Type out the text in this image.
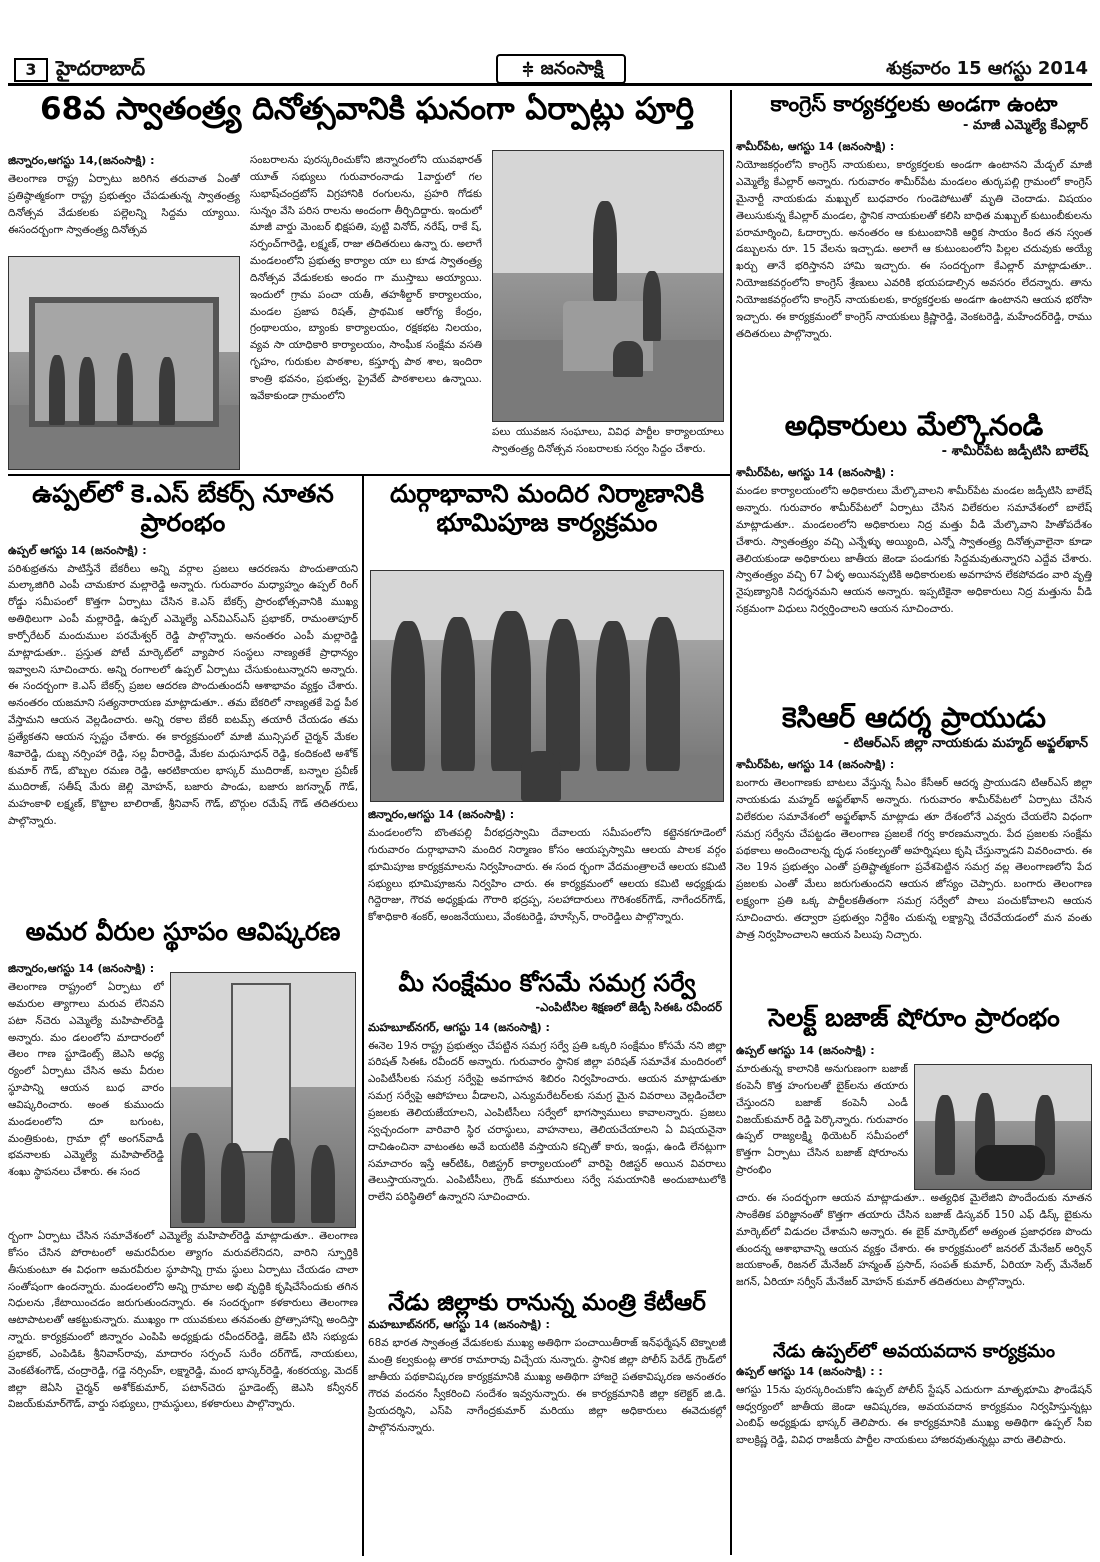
3 హైదరాబాద్	జనంసాక్షి	శుక్రవారం 15 ఆగస్టు 2014
68వ స్వాతంత్ర్య దినోత్సవానికి ఘనంగా ఏర్పాట్లు పూర్తి
జిన్నారం,ఆగస్టు 14,(జనంసాక్షి) :
తెలంగాణ రాష్ట్ర ఏర్పాటు జరిగిన తరువాత ఏంతో ప్రతిష్ఠాత్మకంగా రాష్ట్ర ప్రభుత్వం చేపడుతున్న స్వాతంత్ర్య దినోత్సవ వేడుకలకు పల్లెలన్ని సిద్దమ య్యాయి. ఈసందర్బంగా స్వాతంత్ర్య దినోత్సవ
సంబరాలను పురస్కరించుకోని జిన్నారంలోని యువభారత్ యూత్ సభ్యులు గురువారంనాడు 1వార్డులో గల సుభాష్‌చంద్రబోస్ విగ్రహానికి రంగులను, ప్రహరి గోడకు సున్నం వేసి పరిస రాలను అందంగా తీర్చిదిద్దారు. ఇందులో మాజీ వార్డు మెంబర్ భిక్షపతి, పుట్టి వినోద్, నరేష్, రాకే ష్, సర్పంచ్‌గారెడ్డి, లక్ష్మణ్, రాజు తదితరులు ఉన్నా రు. అలాగే మండలంలోని ప్రభుత్వ కార్యాల యా లు కూడ స్వాతంత్ర్య దినోత్సవ వేడుకలకు అందం గా ముస్తాబు అయ్యాయి. ఇందులో గ్రామ పంచా యతీ, తహశీల్దార్ కార్యాలయం, మండల ప్రజాప రిషత్, ప్రాథమిక ఆరోగ్య కేంద్రం, గ్రంథాలయం, బ్యాంకు కార్యాలయం, రక్షకభట నిలయం, వ్యవ సా యాధికారి కార్యాలయం, సాంఘీక సంక్షేమ వసతి గృహం, గురుకుల పాఠశాల, కస్తూర్బ పాఠ శాల, ఇందిరా కాంత్రి భవనం, ప్రభుత్వ, ప్రైవేట్ పాఠశాలలు ఉన్నాయి. ఇవేకాకుండా గ్రామంలోని
పలు యువజన సంఘాలు, వివిధ పార్టీల కార్యాలయాలు స్వాతంత్ర్య దినోత్సవ సంబరాలకు సర్వం సిద్దం చేశారు.
కాంగ్రెస్ కార్యకర్తలకు అండగా ఉంటా
- మాజీ ఎమ్మెల్యే కేఎల్లార్
శామీర్‌పేట, ఆగస్టు 14 (జనంసాక్షి) :
నియోజకర్గంలోని కాంగ్రెస్ నాయకులు, కార్యకర్తలకు అండగా ఉంటానని మేడ్చల్ మాజీ ఎమ్మెల్యే కేఎల్లార్ అన్నారు. గురువారం శామీర్‌పేట మండలం తుర్కపల్లి గ్రామంలో కాంగ్రెస్ మైనార్టీ నాయకుడు మఖ్బుల్ బుధవారం గుండెపోటుతో మృతి చెందాడు. విషయం తెలుసుకున్న కేఎల్లార్ మండల, స్థానిక నాయకులతో కలిసి బాధిత మఖ్బుల్ కుటుంబీకులను పరామార్శించి, ఓదార్చారు. అనంతరం ఆ కుటుంబానికి ఆర్థిక సాయం కింద తన స్వంత డబ్బులను రూ. 15 వేలను ఇచ్చాడు. అలాగే ఆ కుటుంబంలోని పిల్లల చదువుకు అయ్యే ఖర్చు తానే భరిస్తానని హామి ఇచ్చారు. ఈ సందర్బంగా కేఎల్లార్ మాట్లాడుతూ.. నియోజకవర్గంలోని కాంగ్రెస్ శ్రేణులు ఎవరికి భయపడాల్సిన అవసరం లేదన్నారు. తాను నియోజకవర్గంలోని కాంగ్రెస్ నాయకులకు, కార్యకర్తలకు అండగా ఉంటానని ఆయన భరోసా ఇచ్చారు. ఈ కార్యక్రమంలో కాంగ్రెస్ నాయకులు క్రిష్ణారెడ్డి, వెంకటరెడ్డి, మహేందర్‌రెడ్డి, రాము తదితరులు పాల్గొన్నారు.
అధికారులు మేల్కొనండి
- శామీర్‌పేట జడ్పీటిసి బాలేష్
శామీర్‌పేట, ఆగస్టు 14 (జనంసాక్షి) :
మండల కార్యాలయంలోని అధికారులు మేల్కొవాలని శామీర్‌పేట మండల జడ్పీటిసి బాలేష్ అన్నారు. గురువారం శామీర్‌పేటలో ఏర్పాటు చేసిన విలేకరుల సమావేశంలో బాలేష్ మాట్లాడుతూ.. మండలంలోని అధికారులు నిద్ర మత్తు వీడి మేల్కొవాని హితోపదేశం చేశారు. స్వాతంత్ర్యం వచ్చి ఎన్నేళ్ళు అయ్యింది, ఎన్నో స్వాతంత్ర్య దినోత్సవాలైనా కూడా తెలియకుండా అధికారులు జాతీయ జెండా పండుగకు సిద్దమవుతున్నారని ఎద్దేవ చేశారు. స్వాతంత్ర్యం వచ్చి 67 ఏళ్ళ అయినప్పటికి అధికారులకు అవగాహన లేకపోవడం వారి వృత్తి నైపుణ్యానికి నిదర్శనమని ఆయన అన్నారు. ఇప్పటికైనా అధికారులు నిద్ర మత్తును వీడి సక్రమంగా విధులు నిర్వర్తించాలని ఆయన సూచించారు.
కెసిఆర్ ఆదర్శ ప్రాయుడు
- టిఆర్ఎస్ జిల్లా నాయకుడు మహ్మద్ అఫ్జల్‌ఖాన్
శామీర్‌పేట, ఆగస్టు 14 (జనంసాక్షి) :
బంగారు తెలంగాణకు బాటలు వేస్తున్న సీఎం కేసీఆర్ ఆదర్శ ప్రాయుడని టిఆర్ఎస్ జిల్లా నాయకుడు మహ్మద్ అఫ్జల్‌ఖాన్ అన్నారు. గురువారం శామీర్‌పేటలో ఏర్పాటు చేసిన విలేకరుల సమావేశంలో అఫ్జల్‌ఖాన్ మాట్లాడు తూ దేశంలోనే ఎవ్వరు చేయలేని విధంగా సమగ్ర సర్వేను చేపట్టడం తెలంగాణ ప్రజలకే గర్వ కారణమన్నారు. పేద ప్రజలకు సంక్షేమ పథకాలు అందించాలన్న దృఢ సంకల్పంతో అహర్నిషలు కృషి చేస్తున్నాడని వివరించారు. ఈ నెల 19న ప్రభుత్వం ఎంతో ప్రతిష్టాత్మకంగా ప్రవేశపెట్టిన సమగ్ర వల్ల తెలంగాణలోని పేద ప్రజలకు ఎంతో మేలు జరుగుతుందని ఆయన జోస్యం చెప్పారు. బంగారు తెలంగాణ లక్ష్యంగా ప్రతి ఒక్క పార్టీలకతీతంగా సమగ్ర సర్వేలో పాలు పంచుకోవాలని ఆయన సూచించారు. తద్వారా ప్రభుత్వం నిర్దేశిం చుకున్న లక్ష్యాన్ని చేరవేయడంలో మన వంతు పాత్ర నిర్వహించాలని ఆయన పిలుపు నిచ్చారు.
సెలక్ట్ బజాజ్ షోరూం ప్రారంభం
ఉప్పల్ ఆగస్టు 14 (జనంసాక్షి) :
మారుతున్న కాలానికి అనుగుణంగా బజాజ్ కంపెనీ కొత్త హంగులతో బైక్‌లను తయారు చేస్తుందని బజాజ్ కంపెనీ ఎండీ విజయ్‌కుమార్ రెడ్డి పెర్కొన్నారు. గురువారం ఉప్పల్ రాజ్యలక్ష్మి థియెటర్ సమీపంలో కొత్తగా ఏర్పాటు చేసిన బజాజ్ షోరూంను ప్రారంభిం
చారు. ఈ సందర్భంగా ఆయన మాట్లాడుతూ.. అత్యధిక మైలేజిని పొందేందుకు నూతన సాంకేతిక పరిజ్ఞానంతో కొత్తగా తయారు చేసిన బజాజ్ డిస్కవర్ 150 ఎఫ్ డిస్క్ బైకును మార్కెట్‌లో విడుదల చేశామని అన్నారు. ఈ బైక్ మార్కెట్‌లో అత్యంత ప్రజాధరణ పొందు తుందన్న ఆశాభావాన్ని ఆయన వ్యక్తం చేశారు. ఈ కార్యక్రమంలో జనరల్ మేనేజర్ అర్విన్ జయకాంత్, రిజనల్ మేనేజర్ హన్మంత్ ప్రసాద్, సంపత్ కుమార్, ఏరియా సెల్స్ మేనేజర్ జగన్, ఏరియా సర్వీస్ మేనేజర్ మోహన్ కుమార్ తదితరులు పాల్గొన్నారు.
నేడు ఉప్పల్‌లో అవయవదాన కార్యక్రమం
ఉప్పల్ ఆగస్టు 14 (జనంసాక్షి) : :
ఆగస్టు 15ను పురస్కరించుకోని ఉప్పల్ పోలీస్ స్టేషన్ ఎదురుగా మాతృభూమి ఫౌండేషన్ ఆధ్వర్యంలో జాతీయ జెండా ఆవిష్కరణ, అవయవదాన కార్యక్రమం నిర్వహిస్తున్నట్లు ఎంబిఫ్ అధ్యక్షుడు భాస్కర్ తెలిపారు. ఈ కార్యక్రమానికి ముఖ్య అతిథిగా ఉప్పల్ సీఐ బాలక్రిష్ణ రెడ్డి, వివిధ రాజకీయ పార్టీల నాయకులు హాజరవుతున్నట్లు వారు తెలిపారు.
ఉప్పల్‌లో కె.ఎస్ బేకర్స్ నూతన ప్రారంభం
ఉప్పల్ ఆగస్టు 14 (జనంసాక్షి) :
పరిశుభ్రతను పాటిస్తేనే బేకరీలు అన్ని వర్గాల ప్రజలు ఆదరణను పొందుతాయని మల్కాజిగిరి ఎంపీ చామకూర మల్లారెడ్డి అన్నారు. గురువారం మధ్యాహ్నం ఉప్పల్ రింగ్ రోడ్డు సమీపంలో కొత్తగా ఏర్పాటు చేసిన కె.ఎస్ బేకర్స్ ప్రారంభోత్సవానికి ముఖ్య అతిథిలుగా ఎంపీ మల్లారెడ్డి, ఉప్పల్ ఎమ్మెల్యే ఎన్‌విఎస్ఎస్ ప్రభాకర్, రామంతాపూర్ కార్పోరేటర్ మందుముల పరమేశ్వర్ రెడ్డి పాల్గొన్నారు. అనంతరం ఎంపీ మల్లారెడ్డి మాట్లాడుతూ.. ప్రస్తుత పోటీ మార్కెట్‌లో వ్యాపార సంస్థలు నాణ్యతకే ప్రాధాన్యం ఇవ్వాలని సూచించారు. అన్ని రంగాలలో ఉప్పల్ ఏర్పాటు చేసుకుంటున్నారని అన్నారు. ఈ సందర్బంగా కె.ఎస్ బేకర్స్ ప్రజల ఆదరణ పొందుతుందనీ ఆశాభావం వ్యక్తం చేశారు. అనంతరం యజమాని సత్యనారాయణ మాట్లాడుతూ.. తమ బేకరిలో నాణ్యతకే పెద్ద పీఠ వేస్తామని ఆయన వెల్లడించారు. అన్ని రకాల బేకరీ ఐటమ్స్ తయారీ చేయడం తమ ప్రత్యేకతని ఆయన స్పష్టం చేశారు. ఈ కార్యక్రమంలో మాజీ మున్సిపల్ చైర్మన్ మేకల శివారెడ్డి, దుబ్బ నర్సింహా రెడ్డి, సల్ల వీరారెడ్డి, మేకల మధుసూధన్ రెడ్డి, కందికంటి అశోక్ కుమార్ గౌడ్, బొబ్బల రమణ రెడ్డి, ఆరటికాయల భాస్కర్ ముదిరాజ్, బన్నాల ప్రవీణ్ ముదిరాజ్, సతీష్ మేరు జెల్లి మోహన్, బజారు పాండు, బజారు జగన్నాథ్ గౌడ్, మహంకాళి లక్ష్మణ్, కొట్టాల బాలిరాజ్, శ్రీనివాస్ గౌడ్, బొర్గుల రమేష్ గౌడ్ తదితరులు పాల్గొన్నారు.
అమర వీరుల స్థూపం ఆవిష్కరణ
జిన్నారం,ఆగస్టు 14 (జనంసాక్షి) :
తెలంగాణ రాష్ట్రంలో ఏర్పాటు లో అమరుల త్యాగాలు మరువ లేనివని పటా న్‌చెరు ఎమ్మెల్యే మహిపాల్‌రెడ్డి అన్నారు. మం డలంలోని మాదారంలో తెలం గాణ స్టూడెంట్స్ జెఎసి అధ్య ర్యంలో ఏర్పాటు చేసిన అమ వీరుల స్థూపాన్ని ఆయన బుధ వారం ఆవిష్కరించారు. అంత కుముందు మండలంలోని దూ బగుంట, మంత్రికుంట, గ్రామా ల్లో అంగన్‌వాడీ భవనాలకు ఎమ్మెల్యే మహిపాల్‌రెడ్డి శంఖు స్థాపనలు చేశారు. ఈ సంద
ర్బంగా ఏర్పాటు చేసిన సమావేశంలో ఎమ్మెల్యే మహిపాల్‌రెడ్డి మాట్లాడుతూ.. తెలంగాణ కోసం చేసిన పోరాటంలో అమరవీరుల త్యాగం మరువలేనిదని, వారిని స్ఫూర్తికి తీసుకుంటూ ఈ విధంగా అమరవీరుల స్థూపాన్ని గ్రామ స్థులు ఏర్పాటు చేయడం చాలా సంతోషంగా ఉందన్నారు. మండలంలోని అన్ని గ్రామాల అభి వృద్ధికి కృషిచేసేందుకు తగిన నిధులను ,కేటాయించడం జరుగుతుందన్నారు. ఈ సందర్భంగా కళకారులు తెలంగాణ ఆటాపాటలతో ఆకట్టుకున్నారు. ముఖ్యం గా యువకులు తనవంతు ప్రోత్సాహాన్ని అందిస్తా న్నారు. కార్యక్రమంలో జిన్నారం ఎంపిపి అధ్యక్షుడు రవీందర్‌రెడ్డి, జెడ్‌పి టిసి సభ్యుడు ప్రభాకర్, ఎంపిడిఓ శ్రీనివాస్‌రావు, మాదారం సర్పంచ్ సురేం దర్‌గౌడ్, నాయకులు, వెంకటేశంగౌడ్, చంద్రారెడ్డి, గడ్డె నర్సింహ్, లక్ష్మారెడ్డి, మంద భాస్కర్‌రెడ్డి, శంకరయ్య, మెదక్ జిల్లా జెఏసి చైర్మన్ అశోక్‌కుమార్, పటాన్‌చెరు స్టూడెంట్స్ జెఎసి కన్వీనర్ విజయ్‌కుమార్‌గౌడ్, వార్డు సభ్యులు, గ్రామస్థులు, కళకారులు పాల్గొన్నారు.
దుర్గాభావాని మందిర నిర్మాణానికి భూమిపూజ కార్యక్రమం
జిన్నారం,ఆగస్టు 14 (జనంసాక్షి) :
మండలంలోని బొంతపల్లి వీరభద్రస్వామి దేవాలయ సమీపంలోని కట్టెనకగూడెంలో గురువారం దుర్గాభావాని మందిర నిర్మాణం కోసం ఆయప్పస్వామి ఆలయ పాలక వర్గం భూమిపూజ కార్యక్రమాలను నిర్వహించారు. ఈ సంద ర్భంగా వేదమంత్రాలచే ఆలయ కమిటి సభ్యులు భూమిపూజను నిర్వహిం చారు. ఈ కార్యక్రమంలో ఆలయ కమిటి అధ్యక్షుడు గిద్దెరాజు, గౌరవ అధ్యక్షుడు గౌరారి భద్రప్ప, సలహాదారులు గౌరిశంకర్‌గౌడ్, నాగేందర్‌గౌడ్, కోశాధికారి శంకర్, అంజనేయులు, వేంకటరెడ్డి, హూస్సేన్, రాంరెడ్డిలు పాల్గొన్నారు.
మీ సంక్షేమం కోసమే సమగ్ర సర్వే
-ఎంపిటీసిల శిక్షణలో జెడ్పీ సిఈఓ రవీందర్
మహబూబ్‌నగర్, ఆగస్టు 14 (జనంసాక్షి) :
ఈనెల 19న రాష్ట్ర ప్రభుత్వం చేపట్టిన సమగ్ర సర్వే ప్రతి ఒక్కరి సంక్షేమం కోసమే నని జిల్లా పరిషత్ సిఈఓ రవీందర్ అన్నారు. గురువారం స్థానిక జిల్లా పరిషత్ సమావేశ మందిరంలో ఎంపిటీసీలకు సమగ్ర సర్వేపై అవగాహన శిబిరం నిర్వహించారు. ఆయన మాట్లాడుతూ సమగ్ర సర్వేపై ఆపోహలు వీడాలని, ఎన్యుమరేటర్‌లకు సమగ్ర మైన వివరాలు వెల్లడించేలా ప్రజలకు తెలియజేయాలని, ఎంపిటీసీలు సర్వేలో భాగస్వాములు కావాలన్నారు. ప్రజలు స్వచ్చందంగా వారివారి స్థిర చరాస్థులు, వాహనాలు, తెలియచేయాలని ఏ విషయనైనా దాచిఉంచినా వాటంతట అవే బయటికి వస్తాయని కచ్చితో కారు, ఇండ్లు, ఉండి లేనట్లుగా సమాచారం ఇస్తే ఆర్‌టిఓ, రిజిస్ట్రర్ కార్యాలయంలో వారిపై రిజిస్టర్ అయిన వివరాలు తెలుస్తాయన్నారు. ఎంపిటీసీలు, గ్రౌండ్ కమూరులు సర్వే సమయానికి అందుబాటులోకి రాలేని పరిస్థితిలో ఉన్నారని సూచించారు.
నేడు జిల్లాకు రానున్న మంత్రి కేటీఆర్
మహబూబ్‌నగర్, ఆగస్టు 14 (జనంసాక్షి) :
68వ భారత స్వాతంత్ర వేడుకలకు ముఖ్య అతిథిగా పంచాయితీరాజ్ ఇన్‌ఫర్మేషన్ టెక్నాలజీ మంత్రి కల్వకుంట్ల తారక రామారావు విచ్చేయ నున్నారు. స్థానిక జిల్లా పోలీస్ పెరేడ్ గ్రౌండ్‌లో జాతీయ పథకావిష్కరణ కార్యక్రమానికి ముఖ్య అతిథిగా హాజరై పతకావిష్కరణ అనంతరం గౌరవ వందనం స్వీకరించి సందేశం ఇవ్వనున్నారు. ఈ కార్యక్రమానికి జిల్లా కలెక్టర్ జి.డి. ప్రియదర్శిని, ఎస్‌పి నాగేంద్రకుమార్ మరియు జిల్లా అధికారులు ఈవెదుకల్లో పాల్గొననున్నారు.
